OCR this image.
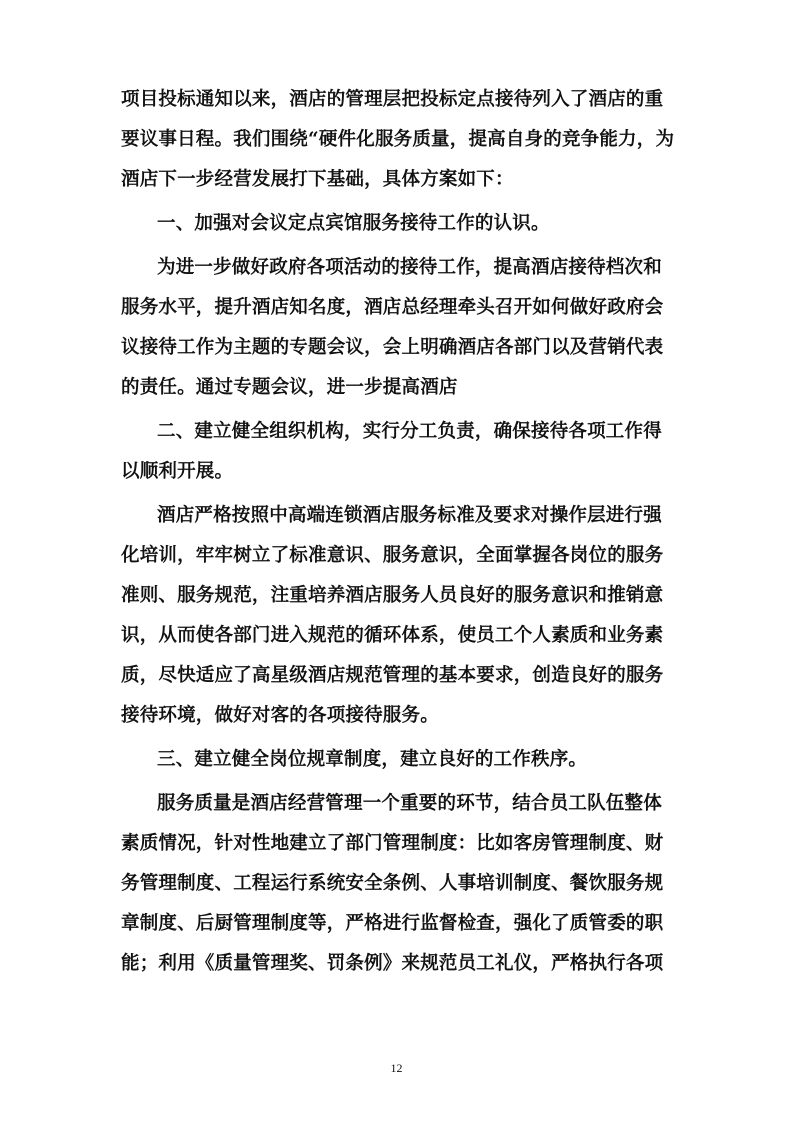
项目投标通知以来，酒店的管理层把投标定点接待列入了酒店的重
要议事日程。我们围绕“硬件化服务质量，提高自身的竞争能力，为
酒店下一步经营发展打下基础，具体方案如下：
一、加强对会议定点宾馆服务接待工作的认识。
为进一步做好政府各项活动的接待工作，提高酒店接待档次和
服务水平，提升酒店知名度，酒店总经理牵头召开如何做好政府会
议接待工作为主题的专题会议，会上明确酒店各部门以及营销代表
的责任。通过专题会议，进一步提高酒店
二、建立健全组织机构，实行分工负责，确保接待各项工作得
以顺利开展。
酒店严格按照中高端连锁酒店服务标准及要求对操作层进行强
化培训，牢牢树立了标准意识、服务意识，全面掌握各岗位的服务
准则、服务规范，注重培养酒店服务人员良好的服务意识和推销意
识，从而使各部门进入规范的循环体系，使员工个人素质和业务素
质，尽快适应了高星级酒店规范管理的基本要求，创造良好的服务
接待环境，做好对客的各项接待服务。
三、建立健全岗位规章制度，建立良好的工作秩序。
服务质量是酒店经营管理一个重要的环节，结合员工队伍整体
素质情况，针对性地建立了部门管理制度：比如客房管理制度、财
务管理制度、工程运行系统安全条例、人事培训制度、餐饮服务规
章制度、后厨管理制度等，严格进行监督检查，强化了质管委的职
能；利用《质量管理奖、罚条例》来规范员工礼仪，严格执行各项
12
